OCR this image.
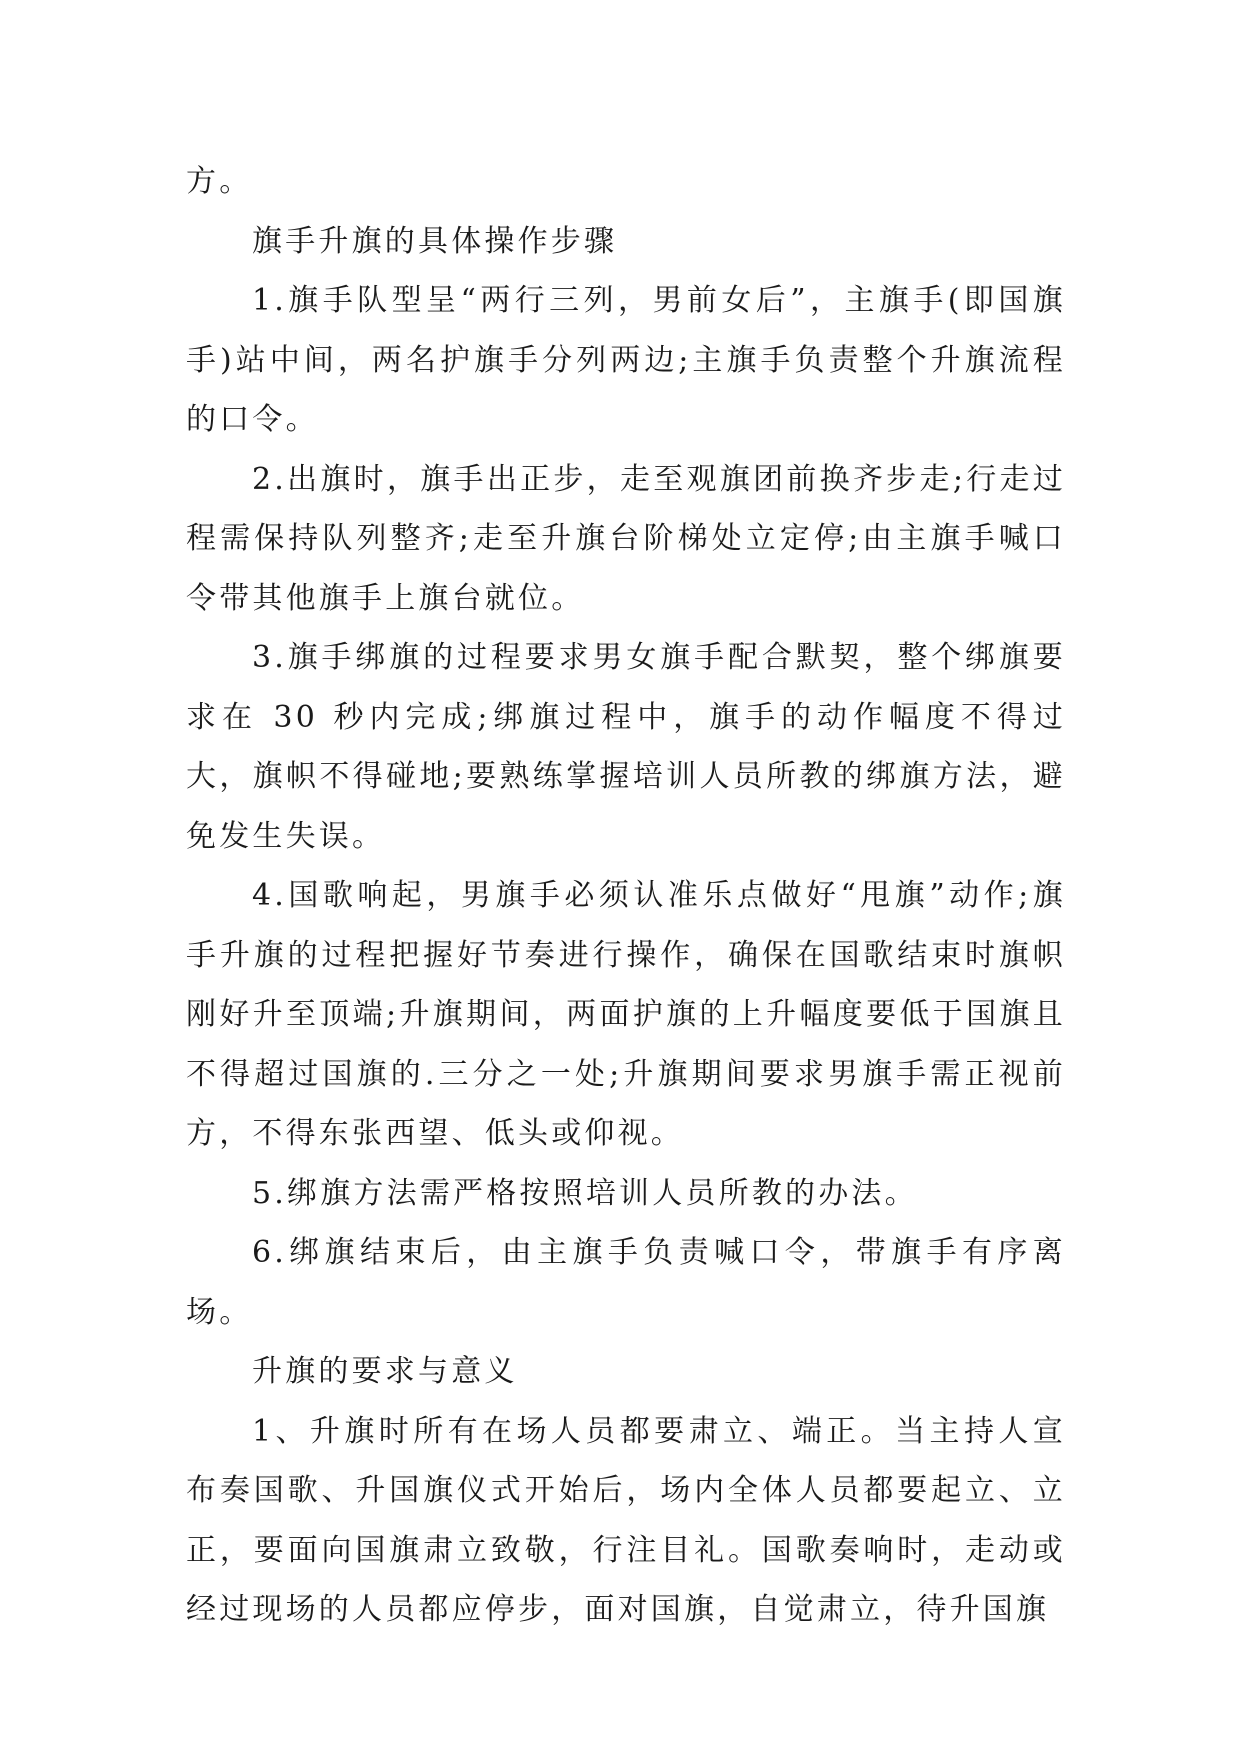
方。

旗手升旗的具体操作步骤

1.旗手队型呈“两行三列，男前女后”，主旗手(即国旗手)站中间，两名护旗手分列两边;主旗手负责整个升旗流程的口令。

2.出旗时，旗手出正步，走至观旗团前换齐步走;行走过程需保持队列整齐;走至升旗台阶梯处立定停;由主旗手喊口令带其他旗手上旗台就位。

3.旗手绑旗的过程要求男女旗手配合默契，整个绑旗要求在 30 秒内完成;绑旗过程中，旗手的动作幅度不得过大，旗帜不得碰地;要熟练掌握培训人员所教的绑旗方法，避免发生失误。

4.国歌响起，男旗手必须认准乐点做好“甩旗”动作;旗手升旗的过程把握好节奏进行操作，确保在国歌结束时旗帜刚好升至顶端;升旗期间，两面护旗的上升幅度要低于国旗且不得超过国旗的.三分之一处;升旗期间要求男旗手需正视前方，不得东张西望、低头或仰视。

5.绑旗方法需严格按照培训人员所教的办法。

6.绑旗结束后，由主旗手负责喊口令，带旗手有序离场。

升旗的要求与意义

1、升旗时所有在场人员都要肃立、端正。当主持人宣布奏国歌、升国旗仪式开始后，场内全体人员都要起立、立正，要面向国旗肃立致敬，行注目礼。国歌奏响时，走动或经过现场的人员都应停步，面对国旗，自觉肃立，待升国旗
